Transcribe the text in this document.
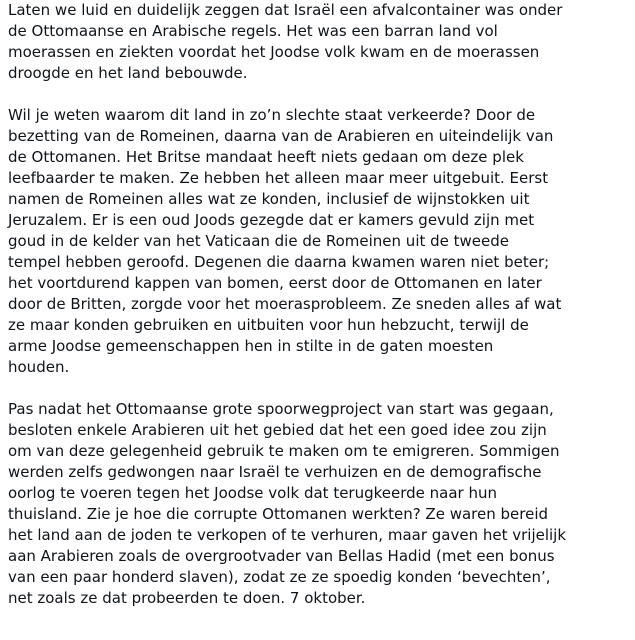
Laten we luid en duidelijk zeggen dat Israël een afvalcontainer was onder
de Ottomaanse en Arabische regels. Het was een barran land vol
moerassen en ziekten voordat het Joodse volk kwam en de moerassen
droogde en het land bebouwde.

Wil je weten waarom dit land in zo’n slechte staat verkeerde? Door de
bezetting van de Romeinen, daarna van de Arabieren en uiteindelijk van
de Ottomanen. Het Britse mandaat heeft niets gedaan om deze plek
leefbaarder te maken. Ze hebben het alleen maar meer uitgebuit. Eerst
namen de Romeinen alles wat ze konden, inclusief de wijnstokken uit
Jeruzalem. Er is een oud Joods gezegde dat er kamers gevuld zijn met
goud in de kelder van het Vaticaan die de Romeinen uit de tweede
tempel hebben geroofd. Degenen die daarna kwamen waren niet beter;
het voortdurend kappen van bomen, eerst door de Ottomanen en later
door de Britten, zorgde voor het moerasprobleem. Ze sneden alles af wat
ze maar konden gebruiken en uitbuiten voor hun hebzucht, terwijl de
arme Joodse gemeenschappen hen in stilte in de gaten moesten
houden.

Pas nadat het Ottomaanse grote spoorwegproject van start was gegaan,
besloten enkele Arabieren uit het gebied dat het een goed idee zou zijn
om van deze gelegenheid gebruik te maken om te emigreren. Sommigen
werden zelfs gedwongen naar Israël te verhuizen en de demografische
oorlog te voeren tegen het Joodse volk dat terugkeerde naar hun
thuisland. Zie je hoe die corrupte Ottomanen werkten? Ze waren bereid
het land aan de joden te verkopen of te verhuren, maar gaven het vrijelijk
aan Arabieren zoals de overgrootvader van Bellas Hadid (met een bonus
van een paar honderd slaven), zodat ze ze spoedig konden ‘bevechten’,
net zoals ze dat probeerden te doen. 7 oktober.
